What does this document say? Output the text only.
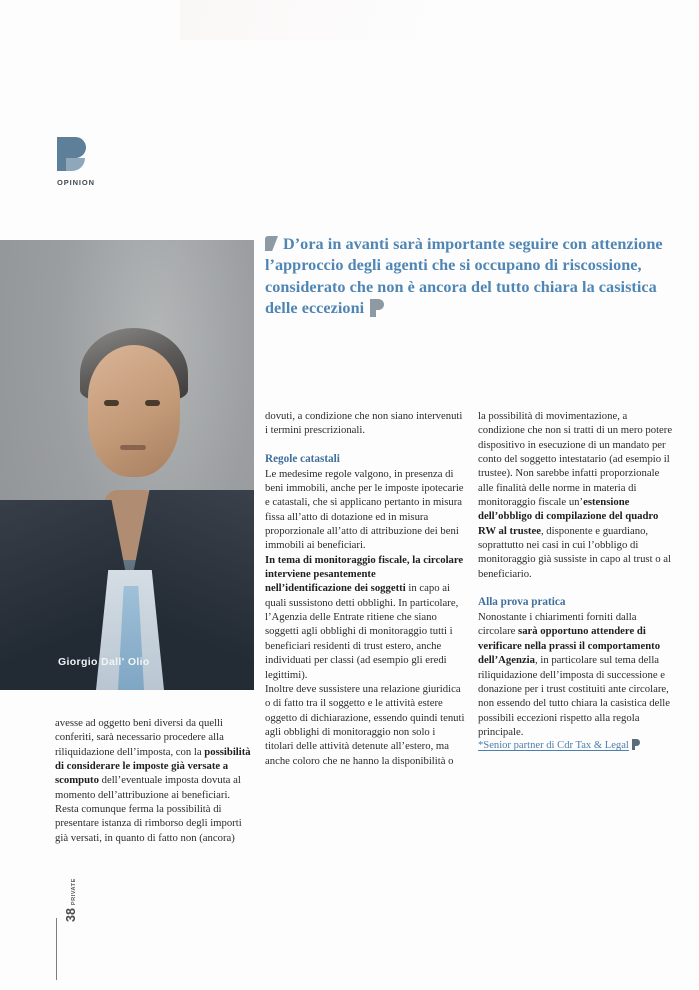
OPINION
Giorgio Dall' Olio
D’ora in avanti sarà importante seguire con attenzione l’approccio degli agenti che si occupano di riscossione, considerato che non è ancora del tutto chiara la casistica delle eccezioni

avesse ad oggetto beni diversi da quelli conferiti, sarà necessario procedere alla riliquidazione dell’imposta, con la possibilità di considerare le imposte già versate a scomputo dell’eventuale imposta dovuta al momento dell’attribuzione ai beneficiari.

Resta comunque ferma la possibilità di presentare istanza di rimborso degli importi già versati, in quanto di fatto non (ancora)

dovuti, a condizione che non siano intervenuti i termini prescrizionali.

Regole catastali

Le medesime regole valgono, in presenza di beni immobili, anche per le imposte ipotecarie e catastali, che si applicano pertanto in misura fissa all’atto di dotazione ed in misura proporzionale all’atto di attribuzione dei beni immobili ai beneficiari.

In tema di monitoraggio fiscale, la circolare interviene pesantemente nell’identificazione dei soggetti in capo ai quali sussistono detti obblighi. In particolare, l’Agenzia delle Entrate ritiene che siano soggetti agli obblighi di monitoraggio tutti i beneficiari residenti di trust estero, anche individuati per classi (ad esempio gli eredi legittimi).

Inoltre deve sussistere una relazione giuridica o di fatto tra il soggetto e le attività estere oggetto di dichiarazione, essendo quindi tenuti agli obblighi di monitoraggio non solo i titolari delle attività detenute all’estero, ma anche coloro che ne hanno la disponibilità o

la possibilità di movimentazione, a condizione che non si tratti di un mero potere dispositivo in esecuzione di un mandato per conto del soggetto intestatario (ad esempio il trustee). Non sarebbe infatti proporzionale alle finalità delle norme in materia di monitoraggio fiscale un’estensione dell’obbligo di compilazione del quadro RW al trustee, disponente e guardiano, soprattutto nei casi in cui l’obbligo di monitoraggio già sussiste in capo al trust o al beneficiario.

Alla prova pratica

Nonostante i chiarimenti forniti dalla circolare sarà opportuno attendere di verificare nella prassi il comportamento dell’Agenzia, in particolare sul tema della riliquidazione dell’imposta di successione e donazione per i trust costituiti ante circolare, non essendo del tutto chiara la casistica delle possibili eccezioni rispetto alla regola principale.

*Senior partner di Cdr Tax & Legal

38
PRIVATE
